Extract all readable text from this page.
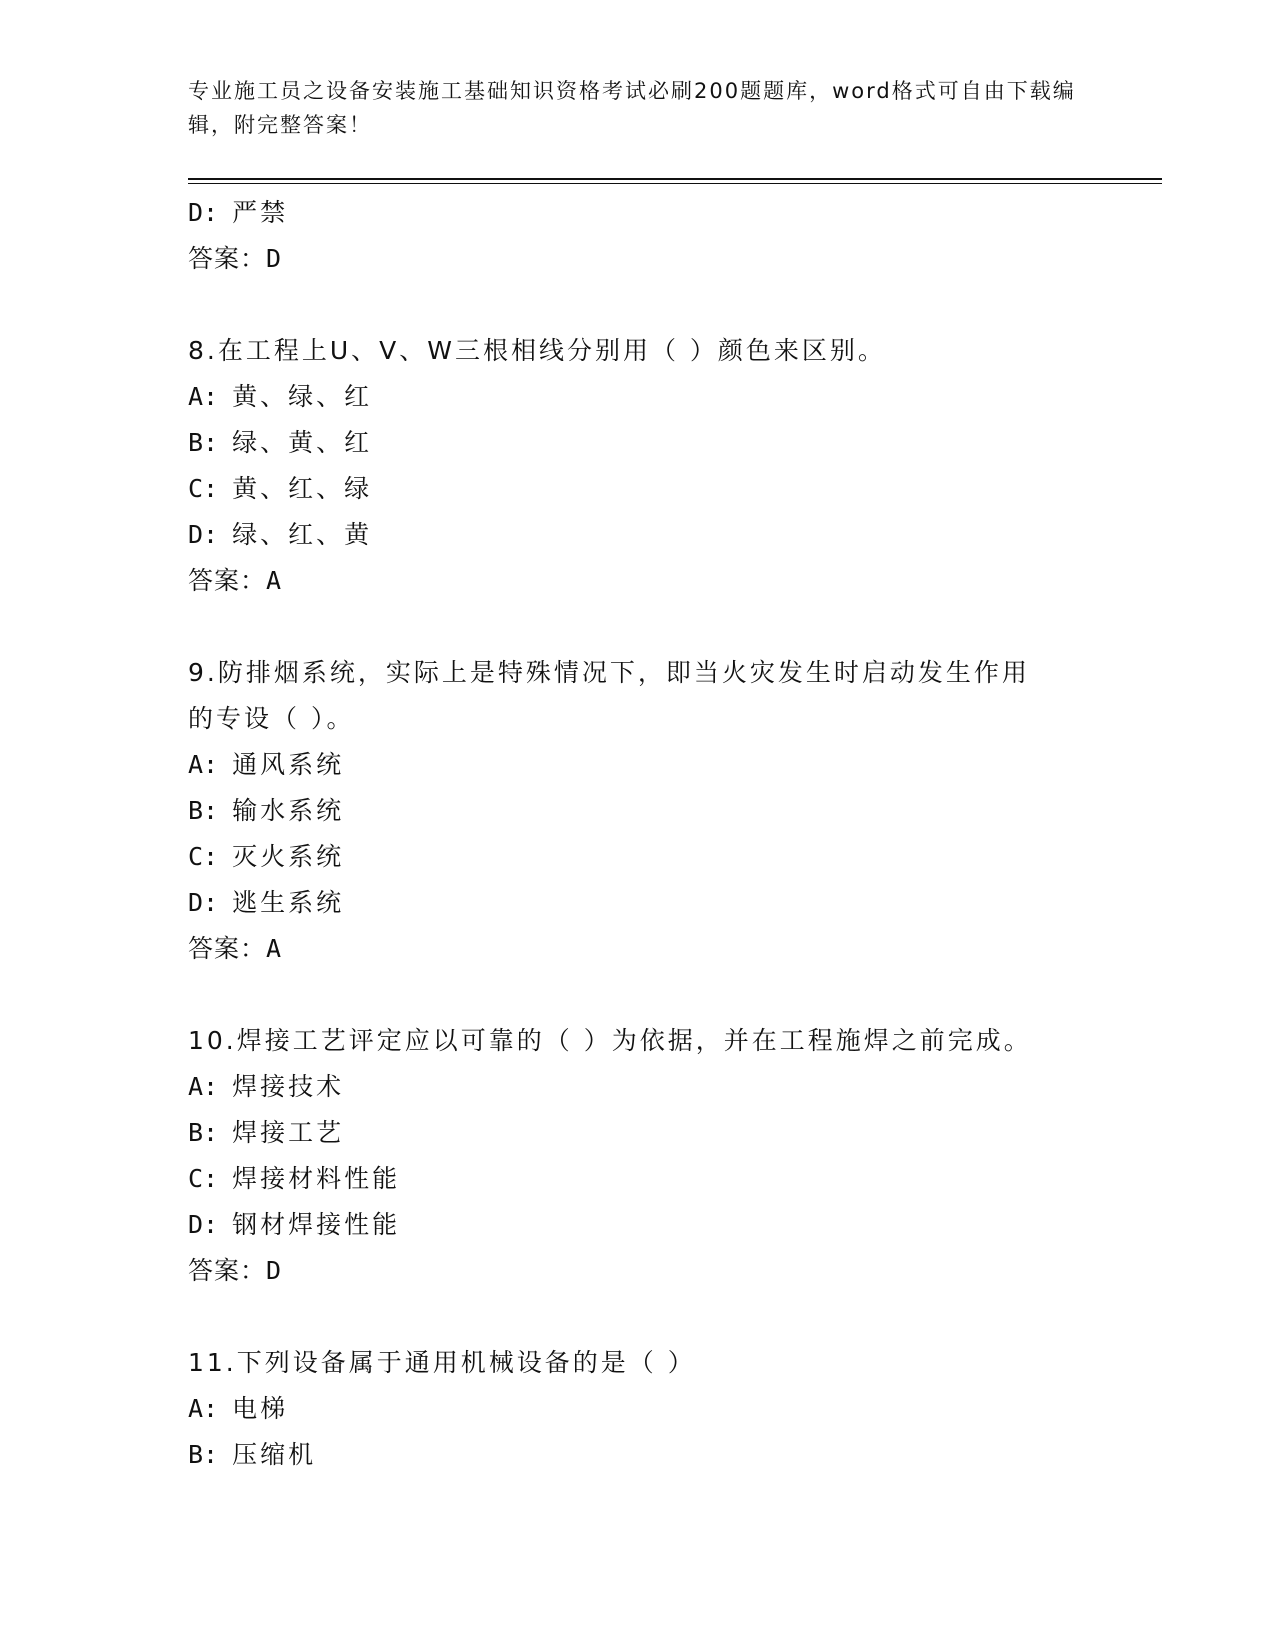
专业施工员之设备安装施工基础知识资格考试必刷200题题库，word格式可自由下载编辑，附完整答案！
D: 严禁
答案：D
8.在工程上U、V、W三根相线分别用（ ）颜色来区别。
A: 黄、绿、红
B: 绿、黄、红
C: 黄、红、绿
D: 绿、红、黄
答案：A
9.防排烟系统，实际上是特殊情况下，即当火灾发生时启动发生作用
的专设（ ）。
A: 通风系统
B: 输水系统
C: 灭火系统
D: 逃生系统
答案：A
10.焊接工艺评定应以可靠的（ ）为依据，并在工程施焊之前完成。
A: 焊接技术
B: 焊接工艺
C: 焊接材料性能
D: 钢材焊接性能
答案：D
11.下列设备属于通用机械设备的是（ ）
A: 电梯
B: 压缩机
